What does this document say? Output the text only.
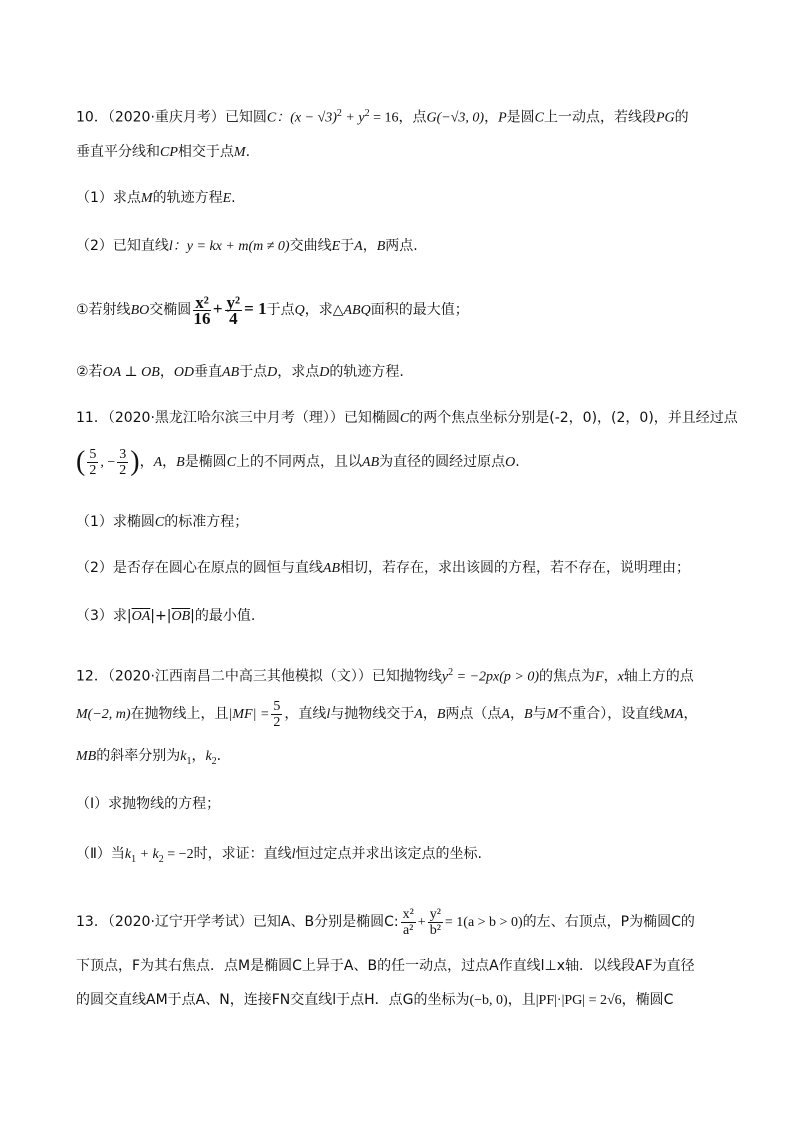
10．（2020·重庆月考）已知圆C：$(x - √3)^2 + y^2 = 16$，点G(−√3, 0)，P是圆C上一动点，若线段PG的
垂直平分线和CP相交于点M.
（1）求点M的轨迹方程E.
（2）已知直线l：y = kx + m(m ≠ 0)交曲线E于A，B两点.
①若射线BO交椭圆 $\frac{\text{x²}}{16} + \frac{\text{y²}}{4} = 1$于点Q，求△ABQ面积的最大值；
②若OA ⊥ OB，OD垂直AB于点D，求点D的轨迹方程.
11．（2020·黑龙江哈尔滨三中月考（理））已知椭圆C的两个焦点坐标分别是(-2，0)，(2，0)，并且经过点
( $\frac{5}{2}$ , − $\frac{3}{2}$ )，A，B是椭圆C上的不同两点，且以AB为直径的圆经过原点O.
（1）求椭圆C的标准方程；
（2）是否存在圆心在原点的圆恒与直线AB相切，若存在，求出该圆的方程，若不存在，说明理由；
（3）求$|\overline{OA}|+|\overline{OB}|$的最小值.
12．（2020·江西南昌二中高三其他模拟（文））已知抛物线$y^2 = -2px(p > 0)$的焦点为F，x轴上方的点
M(−2, m)在抛物线上，且$|MF| = \frac{5}{2}$ ，直线l与抛物线交于A，B两点（点A，B与M不重合），设直线MA，
MB的斜率分别为$k_1$，$k_2$.
（Ⅰ）求抛物线的方程；
（Ⅱ）当$k_1 + k_2 = -2$时，求证：直线l恒过定点并求出该定点的坐标.
13．（2020·辽宁开学考试）已知A、B分别是椭圆C: $\frac{\text{x²}}{\text{a²}} + \frac{\text{y²}}{\text{b²}} = 1(a > b > 0)$的左、右顶点，P为椭圆C的
下顶点，F为其右焦点．点M是椭圆C上异于A、B的任一动点，过点A作直线l⊥x轴．以线段AF为直径
的圆交直线AM于点A、N，连接FN交直线l于点H．点G的坐标为(−b, 0)，且|PF|·|PG| = 2√6，椭圆C
